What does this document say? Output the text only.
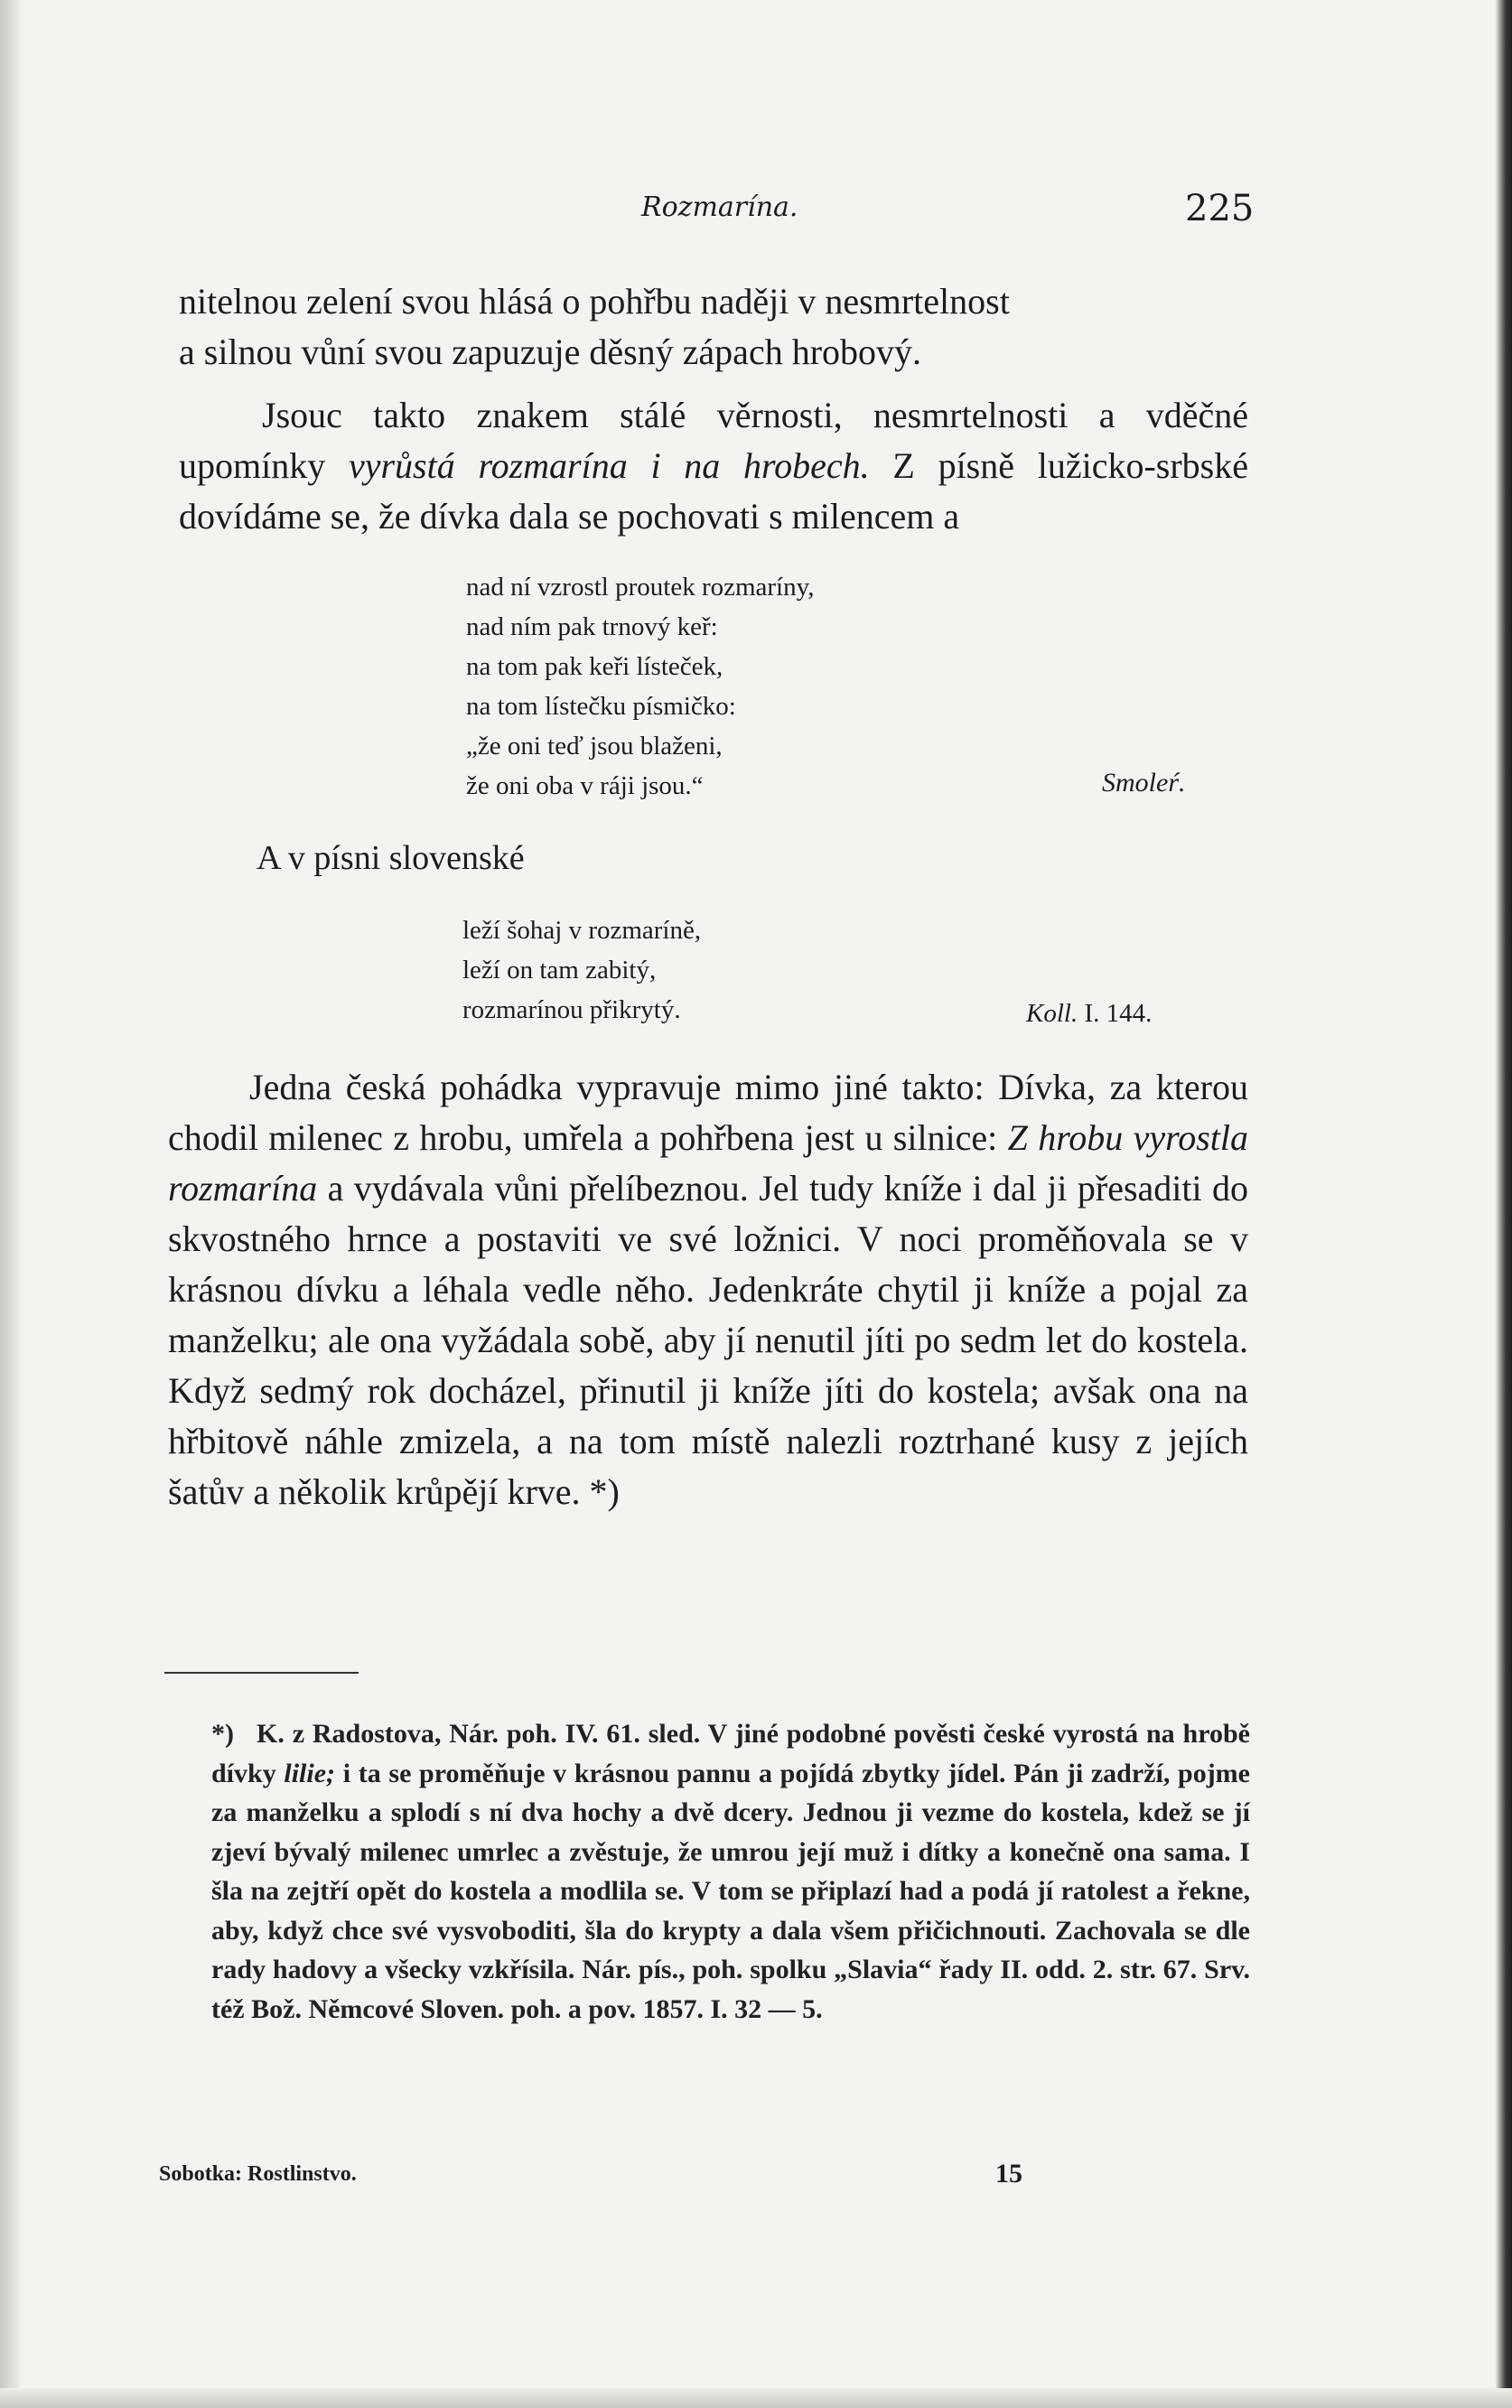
Rozmarína.	225
nitelnou zelení svou hlásá o pohřbu naději v nesmrtelnost
a silnou vůní svou zapuzuje děsný zápach hrobový.
Jsouc takto znakem stálé věrnosti, nesmrtelnosti a vděčné upomínky vyrůstá rozmarína i na hrobech. Z písně lužicko-srbské dovídáme se, že dívka dala se pochovati s milencem a
nad ní vzrostl proutek rozmaríny,
nad ním pak trnový keř:
na tom pak keři lísteček,
na tom lístečku písmičko:
„že oni teď jsou blaženi,
že oni oba v ráji jsou.“	Smoleŕ.
A v písni slovenské
leží šohaj v rozmaríně,
leží on tam zabitý,
rozmarínou přikrytý.	Koll. I. 144.
Jedna česká pohádka vypravuje mimo jiné takto: Dívka, za kterou chodil milenec z hrobu, umřela a pohřbena jest u silnice: Z hrobu vyrostla rozmarína a vydávala vůni přelíbeznou. Jel tudy kníže i dal ji přesaditi do skvostného hrnce a postaviti ve své ložnici. V noci proměňovala se v krásnou dívku a léhala vedle něho. Jedenkráte chytil ji kníže a pojal za manželku; ale ona vyžádala sobě, aby jí nenutil jíti po sedm let do kostela. Když sedmý rok docházel, přinutil ji kníže jíti do kostela; avšak ona na hřbitově náhle zmizela, a na tom místě nalezli roztrhané kusy z jejích šatův a několik krůpějí krve. *)
*) K. z Radostova, Nár. poh. IV. 61. sled. V jiné podobné pověsti české vyrostá na hrobě dívky lilie; i ta se proměňuje v krásnou pannu a pojídá zbytky jídel. Pán ji zadrží, pojme za manželku a splodí s ní dva hochy a dvě dcery. Jednou ji vezme do kostela, kdež se jí zjeví bývalý milenec umrlec a zvěstuje, že umrou její muž i dítky a konečně ona sama. I šla na zejtří opět do kostela a modlila se. V tom se připlazí had a podá jí ratolest a řekne, aby, když chce své vysvoboditi, šla do krypty a dala všem přičichnouti. Zachovala se dle rady hadovy a všecky vzkřísila. Nár. pís., poh. spolku „Slavia“ řady II. odd. 2. str. 67. Srv. též Bož. Němcové Sloven. poh. a pov. 1857. I. 32 — 5.
Sobotka: Rostlinstvo.	15
